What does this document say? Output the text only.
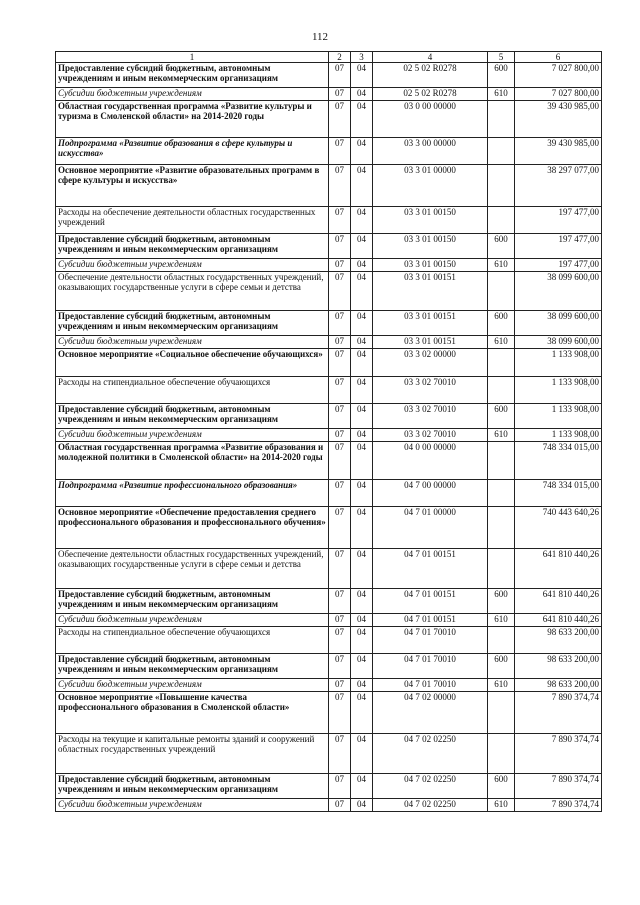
112
1	2	3	4	5	6
Предоставление субсидий бюджетным, автономным учреждениям и иным некоммерческим организациям	07	04	02 5 02 R0278	600	7 027 800,00
Субсидии бюджетным учреждениям	07	04	02 5 02 R0278	610	7 027 800,00
Областная государственная программа «Развитие культуры и туризма в Смоленской области» на 2014-2020 годы	07	04	03 0 00 00000		39 430 985,00
Подпрограмма «Развитие образования в сфере культуры и искусства»	07	04	03 3 00 00000		39 430 985,00
Основное мероприятие «Развитие образовательных программ в сфере культуры и искусства»	07	04	03 3 01 00000		38 297 077,00
Расходы на обеспечение деятельности областных государственных учреждений	07	04	03 3 01 00150		197 477,00
Предоставление субсидий бюджетным, автономным учреждениям и иным некоммерческим организациям	07	04	03 3 01 00150	600	197 477,00
Субсидии бюджетным учреждениям	07	04	03 3 01 00150	610	197 477,00
Обеспечение деятельности областных государственных учреждений, оказывающих государственные услуги в сфере семьи и детства	07	04	03 3 01 00151		38 099 600,00
Предоставление субсидий бюджетным, автономным учреждениям и иным некоммерческим организациям	07	04	03 3 01 00151	600	38 099 600,00
Субсидии бюджетным учреждениям	07	04	03 3 01 00151	610	38 099 600,00
Основное мероприятие «Социальное обеспечение обучающихся»	07	04	03 3 02 00000		1 133 908,00
Расходы на стипендиальное обеспечение обучающихся	07	04	03 3 02 70010		1 133 908,00
Предоставление субсидий бюджетным, автономным учреждениям и иным некоммерческим организациям	07	04	03 3 02 70010	600	1 133 908,00
Субсидии бюджетным учреждениям	07	04	03 3 02 70010	610	1 133 908,00
Областная государственная программа «Развитие образования и молодежной политики в Смоленской области» на 2014-2020 годы	07	04	04 0 00 00000		748 334 015,00
Подпрограмма «Развитие профессионального образования»	07	04	04 7 00 00000		748 334 015,00
Основное мероприятие «Обеспечение предоставления среднего профессионального образования и профессионального обучения»	07	04	04 7 01 00000		740 443 640,26
Обеспечение деятельности областных государственных учреждений, оказывающих государственные услуги в сфере семьи и детства	07	04	04 7 01 00151		641 810 440,26
Предоставление субсидий бюджетным, автономным учреждениям и иным некоммерческим организациям	07	04	04 7 01 00151	600	641 810 440,26
Субсидии бюджетным учреждениям	07	04	04 7 01 00151	610	641 810 440,26
Расходы на стипендиальное обеспечение обучающихся	07	04	04 7 01 70010		98 633 200,00
Предоставление субсидий бюджетным, автономным учреждениям и иным некоммерческим организациям	07	04	04 7 01 70010	600	98 633 200,00
Субсидии бюджетным учреждениям	07	04	04 7 01 70010	610	98 633 200,00
Основное мероприятие «Повышение качества профессионального образования в Смоленской области»	07	04	04 7 02 00000		7 890 374,74
Расходы на текущие и капитальные ремонты зданий и сооружений областных государственных учреждений	07	04	04 7 02 02250		7 890 374,74
Предоставление субсидий бюджетным, автономным учреждениям и иным некоммерческим организациям	07	04	04 7 02 02250	600	7 890 374,74
Субсидии бюджетным учреждениям	07	04	04 7 02 02250	610	7 890 374,74
